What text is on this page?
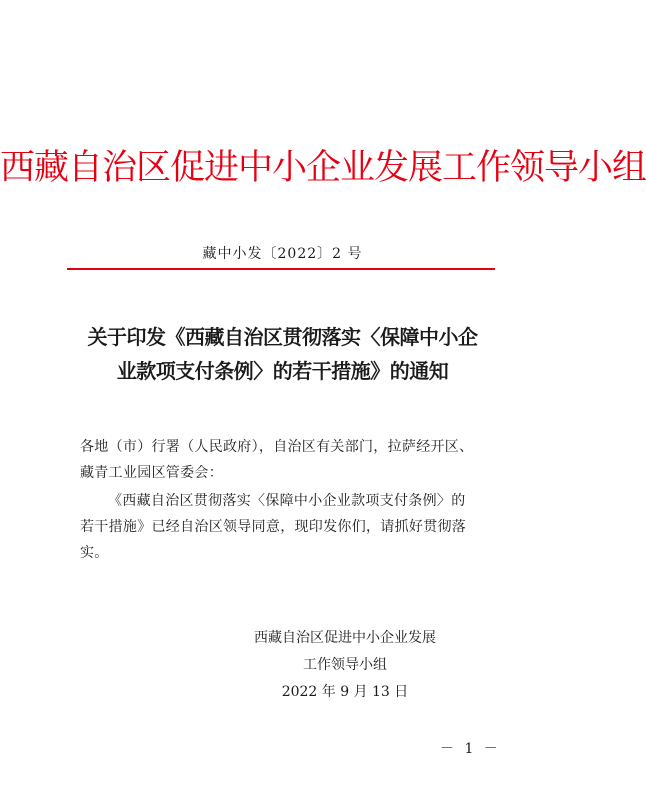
西藏自治区促进中小企业发展工作领导小组
藏中小发〔2022〕2 号
关于印发《西藏自治区贯彻落实〈保障中小企
业款项支付条例〉的若干措施》的通知
各地（市）行署（人民政府），自治区有关部门，拉萨经开区、
藏青工业园区管委会：
《西藏自治区贯彻落实〈保障中小企业款项支付条例〉的
若干措施》已经自治区领导同意，现印发你们，请抓好贯彻落
实。
西藏自治区促进中小企业发展
工作领导小组
2022 年 9 月 13 日
－ 1 －
